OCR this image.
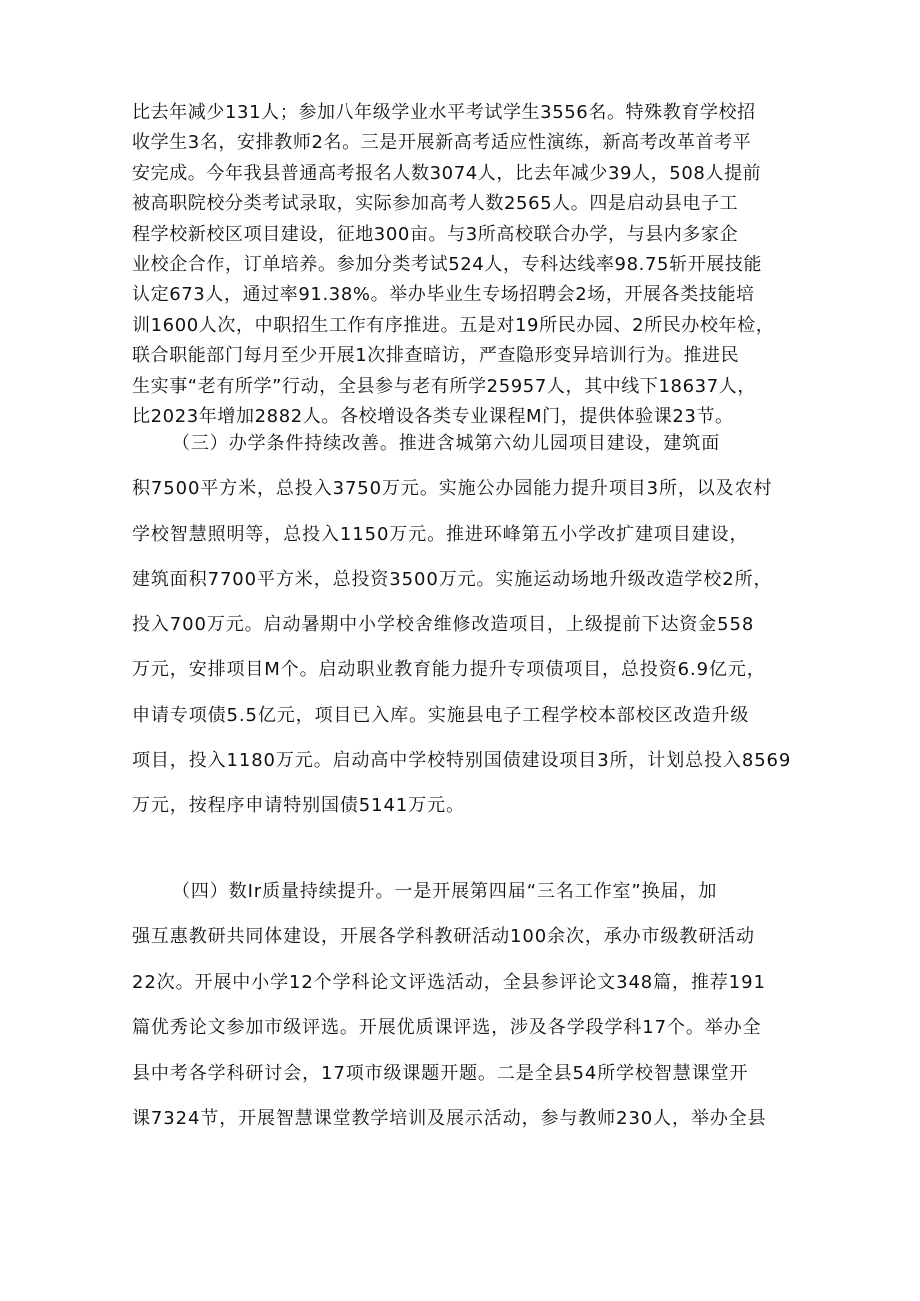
比去年减少131人；参加八年级学业水平考试学生3556名。特殊教育学校招
收学生3名，安排教师2名。三是开展新高考适应性演练，新高考改革首考平
安完成。今年我县普通高考报名人数3074人，比去年减少39人，508人提前
被高职院校分类考试录取，实际参加高考人数2565人。四是启动县电子工
程学校新校区项目建设，征地300亩。与3所高校联合办学，与县内多家企
业校企合作，订单培养。参加分类考试524人，专科达线率98.75斩开展技能
认定673人，通过率91.38%。举办毕业生专场招聘会2场，开展各类技能培
训1600人次，中职招生工作有序推进。五是对19所民办园、2所民办校年检，
联合职能部门每月至少开展1次排查暗访，严查隐形变异培训行为。推进民
生实事“老有所学”行动，全县参与老有所学25957人，其中线下18637人，
比2023年增加2882人。各校增设各类专业课程M门，提供体验课23节。
（三）办学条件持续改善。推进含城第六幼儿园项目建设，建筑面
积7500平方米，总投入3750万元。实施公办园能力提升项目3所，以及农村
学校智慧照明等，总投入1150万元。推进环峰第五小学改扩建项目建设，
建筑面积7700平方米，总投资3500万元。实施运动场地升级改造学校2所，
投入700万元。启动暑期中小学校舍维修改造项目，上级提前下达资金558
万元，安排项目M个。启动职业教育能力提升专项债项目，总投资6.9亿元，
申请专项债5.5亿元，项目已入库。实施县电子工程学校本部校区改造升级
项目，投入1180万元。启动高中学校特别国债建设项目3所，计划总投入8569
万元，按程序申请特别国债5141万元。
（四）数Ir质量持续提升。一是开展第四届“三名工作室”换届，加
强互惠教研共同体建设，开展各学科教研活动100余次，承办市级教研活动
22次。开展中小学12个学科论文评选活动，全县参评论文348篇，推荐191
篇优秀论文参加市级评选。开展优质课评选，涉及各学段学科17个。举办全
县中考各学科研讨会，17项市级课题开题。二是全县54所学校智慧课堂开
课7324节，开展智慧课堂教学培训及展示活动，参与教师230人，举办全县
